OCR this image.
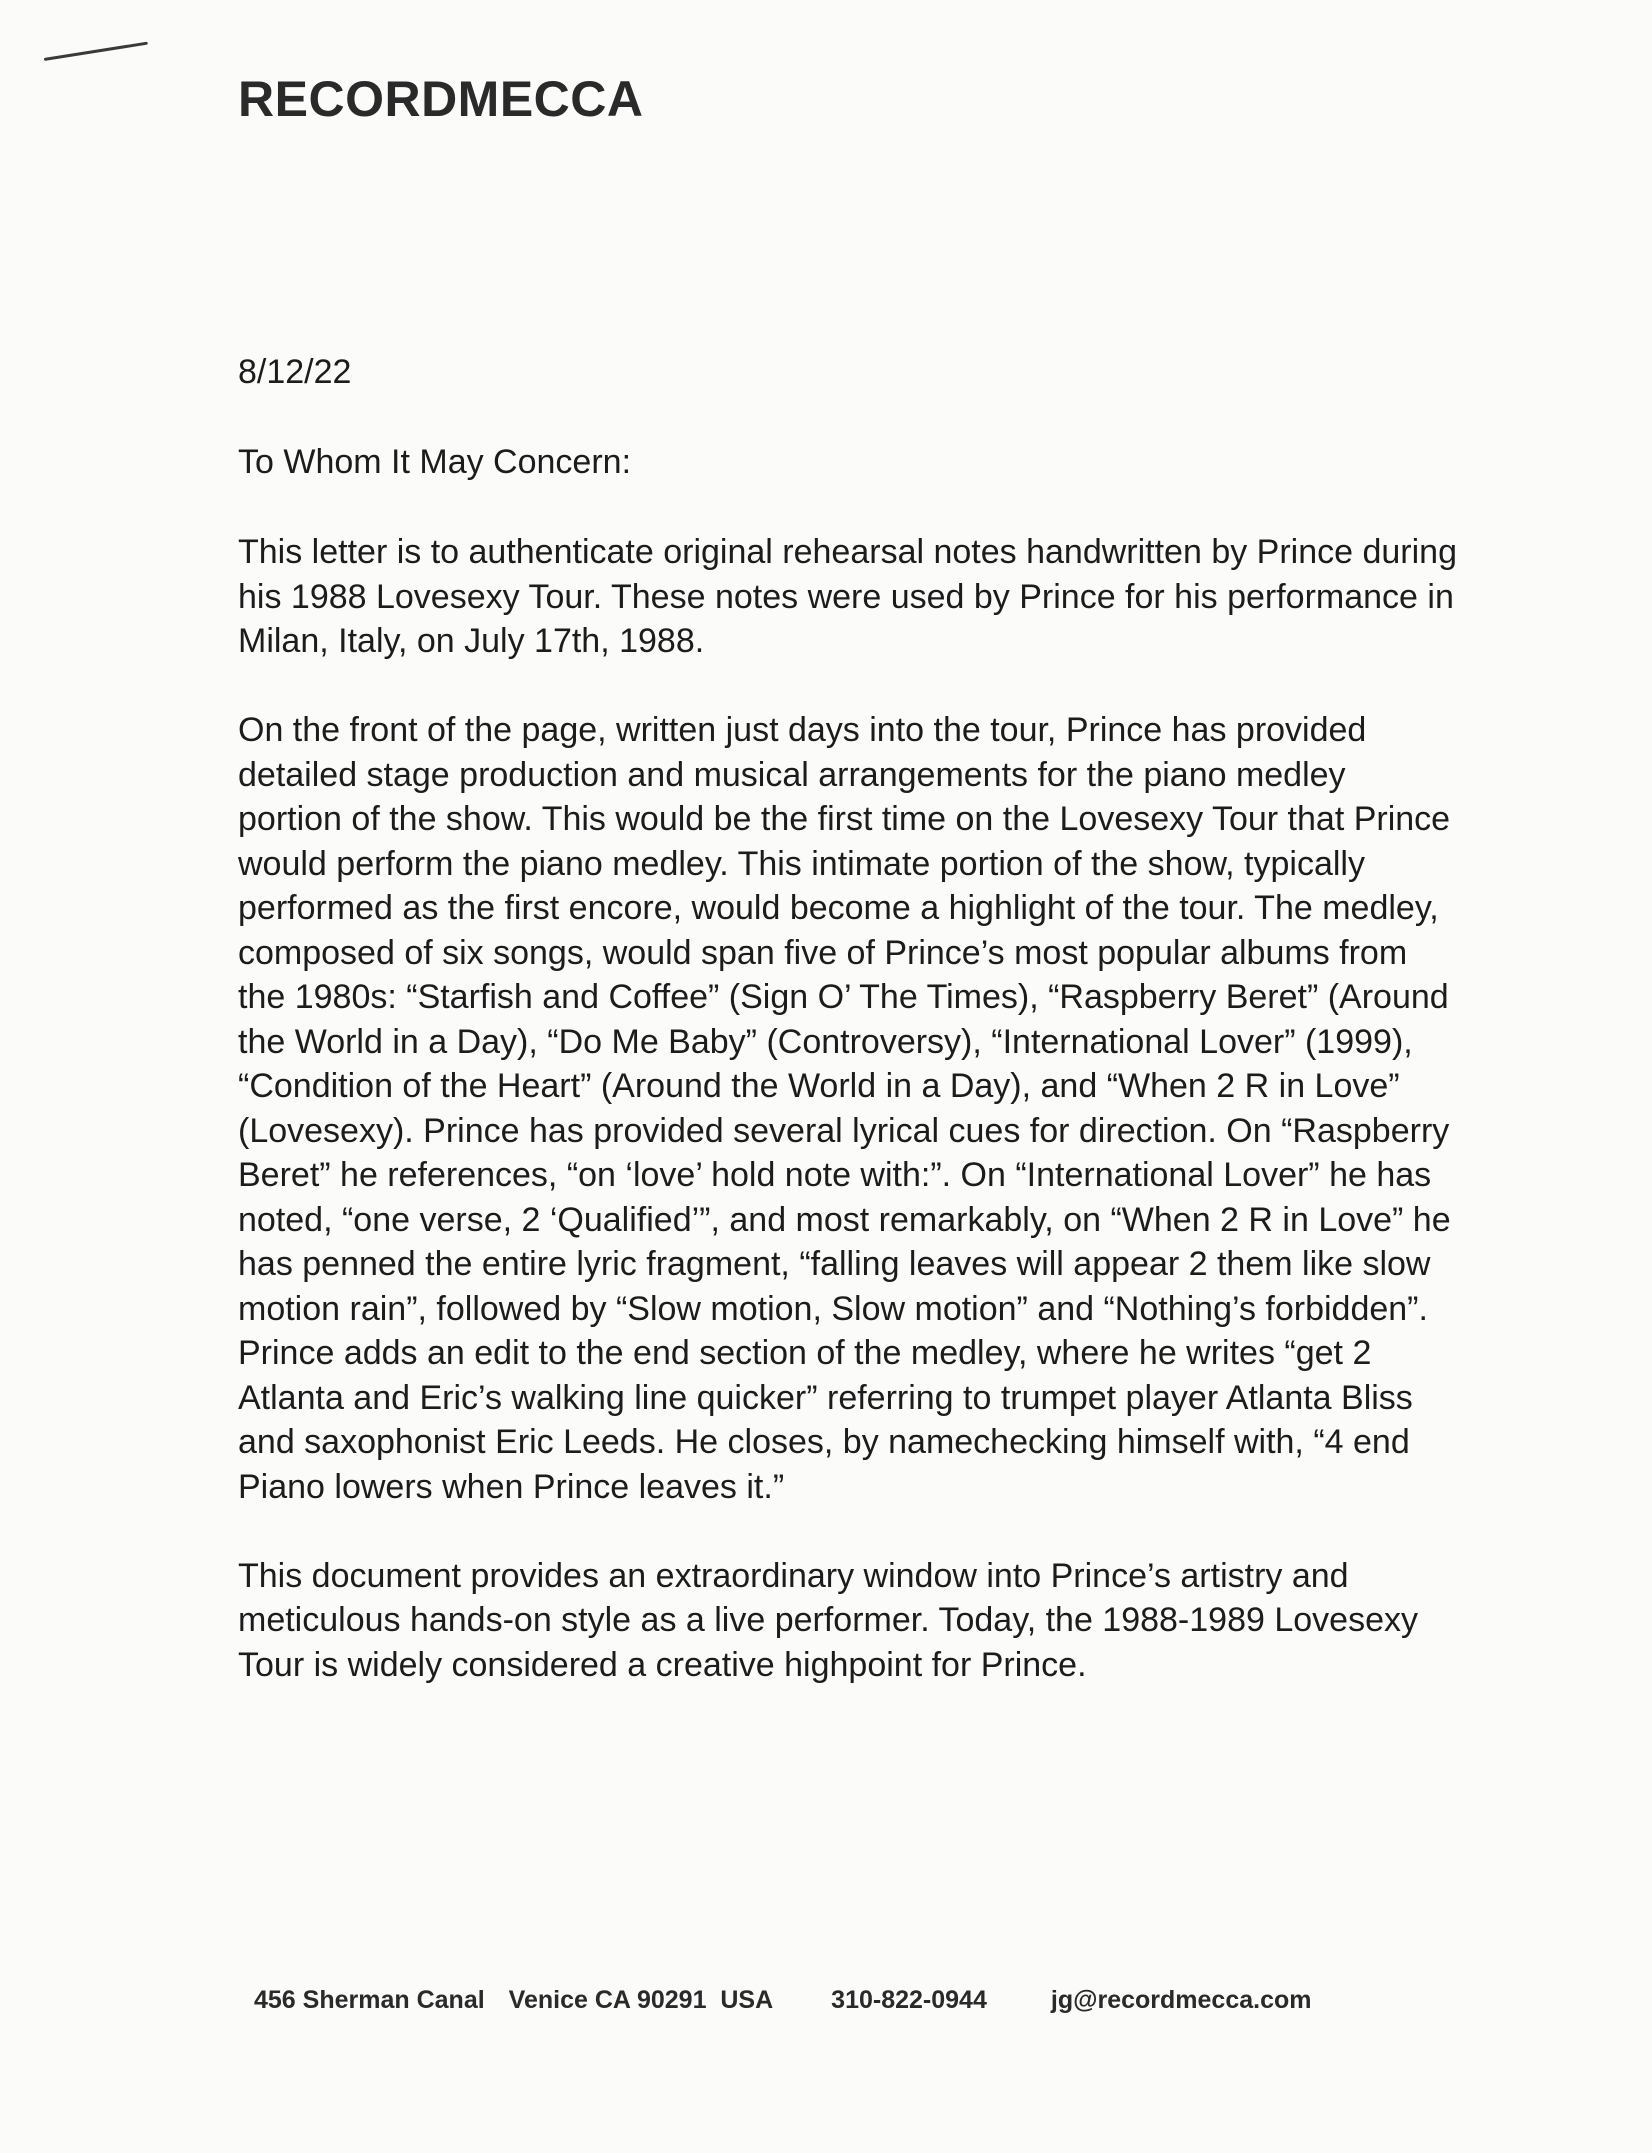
RECORDMECCA

8/12/22

To Whom It May Concern:

This letter is to authenticate original rehearsal notes handwritten by Prince during his 1988 Lovesexy Tour. These notes were used by Prince for his performance in Milan, Italy, on July 17th, 1988.

On the front of the page, written just days into the tour, Prince has provided detailed stage production and musical arrangements for the piano medley portion of the show. This would be the first time on the Lovesexy Tour that Prince would perform the piano medley. This intimate portion of the show, typically performed as the first encore, would become a highlight of the tour. The medley, composed of six songs, would span five of Prince’s most popular albums from the 1980s: “Starfish and Coffee” (Sign O’ The Times), “Raspberry Beret” (Around the World in a Day), “Do Me Baby” (Controversy), “International Lover” (1999), “Condition of the Heart” (Around the World in a Day), and “When 2 R in Love” (Lovesexy). Prince has provided several lyrical cues for direction. On “Raspberry Beret” he references, “on ‘love’ hold note with:”. On “International Lover” he has noted, “one verse, 2 ‘Qualified’”, and most remarkably, on “When 2 R in Love” he has penned the entire lyric fragment, “falling leaves will appear 2 them like slow motion rain”, followed by “Slow motion, Slow motion” and “Nothing’s forbidden”. Prince adds an edit to the end section of the medley, where he writes “get 2 Atlanta and Eric’s walking line quicker” referring to trumpet player Atlanta Bliss and saxophonist Eric Leeds. He closes, by namechecking himself with, “4 end Piano lowers when Prince leaves it.”

This document provides an extraordinary window into Prince’s artistry and meticulous hands-on style as a live performer. Today, the 1988-1989 Lovesexy Tour is widely considered a creative highpoint for Prince.

456 Sherman Canal Venice CA 90291  USA 310-822-0944	jg@recordmecca.com
